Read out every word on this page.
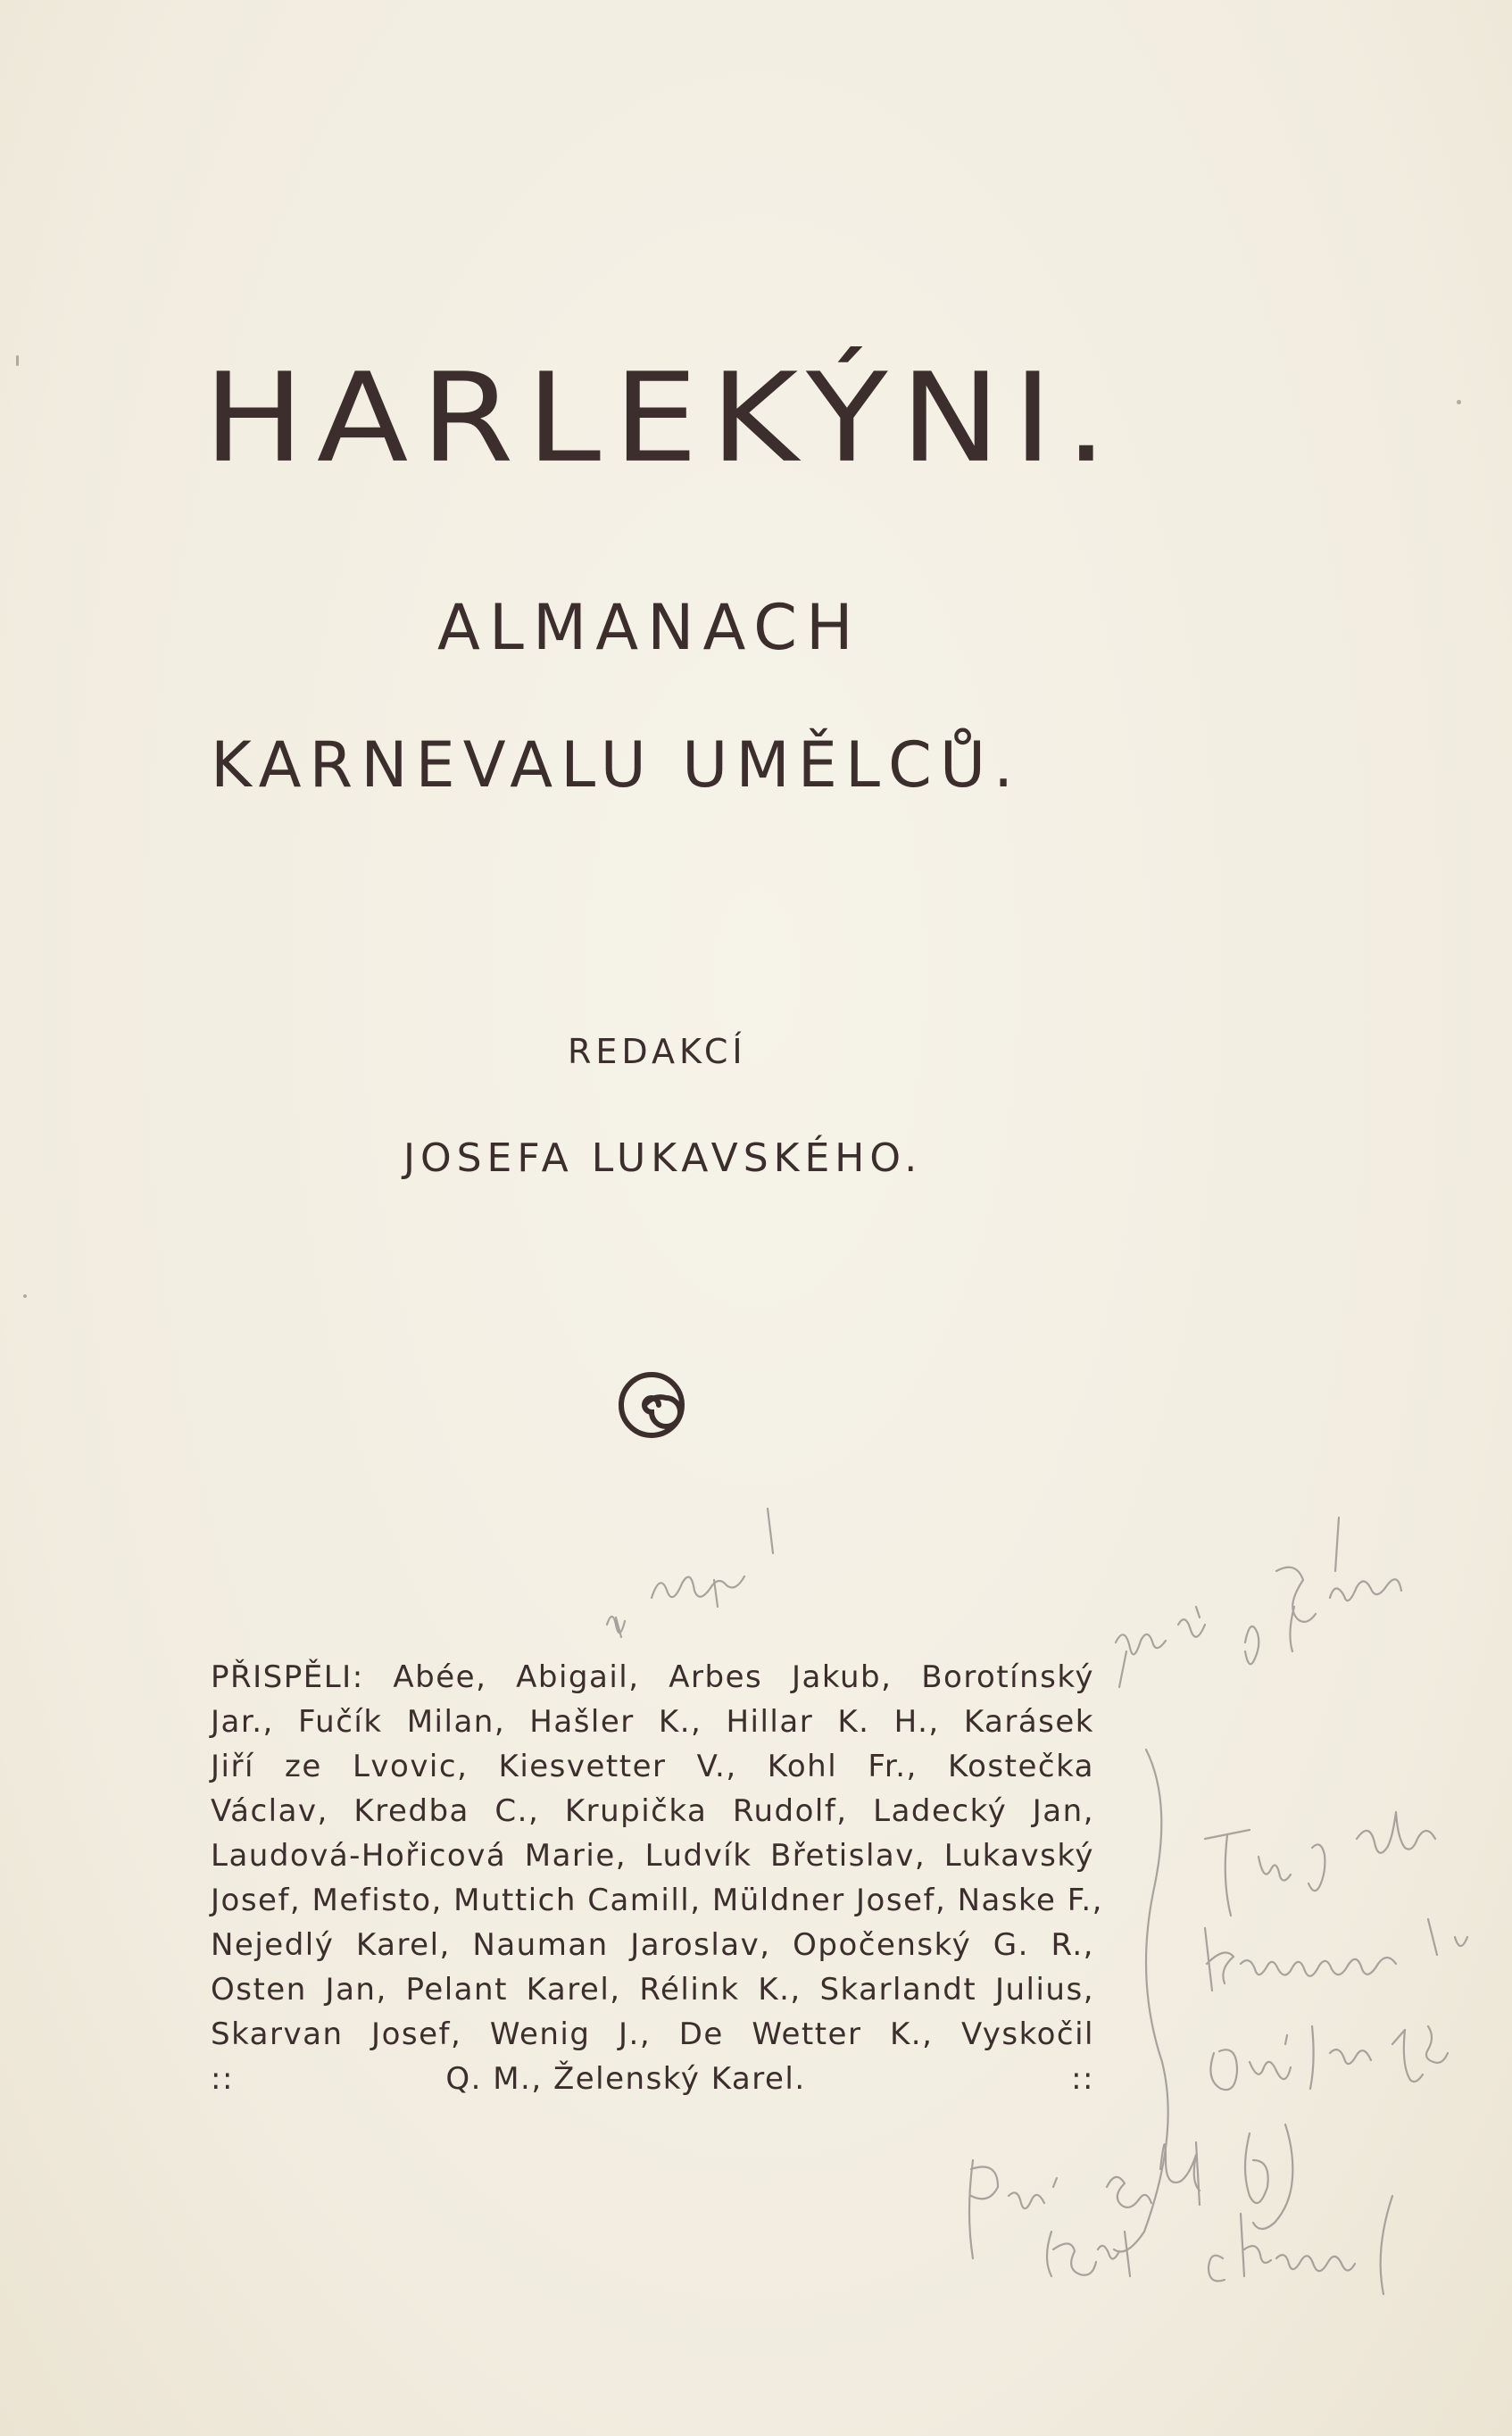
HARLEKÝNI.
ALMANACH
KARNEVALU UMĚLCŮ.
REDAKCÍ
JOSEFA LUKAVSKÉHO.
PŘISPĚLI: Abée, Abigail, Arbes Jakub, Borotínský
Jar., Fučík Milan, Hašler K., Hillar K. H., Karásek
Jiří ze Lvovic, Kiesvetter V., Kohl Fr., Kostečka
Václav, Kredba C., Krupička Rudolf, Ladecký Jan,
Laudová-Hořicová Marie, Ludvík Břetislav, Lukavský
Josef, Mefisto, Muttich Camill, Müldner Josef, Naske F.,
Nejedlý Karel, Nauman Jaroslav, Opočenský G. R.,
Osten Jan, Pelant Karel, Rélink K., Skarlandt Julius,
Skarvan Josef, Wenig J., De Wetter K., Vyskočil
::	Q. M., Želenský Karel.	::
